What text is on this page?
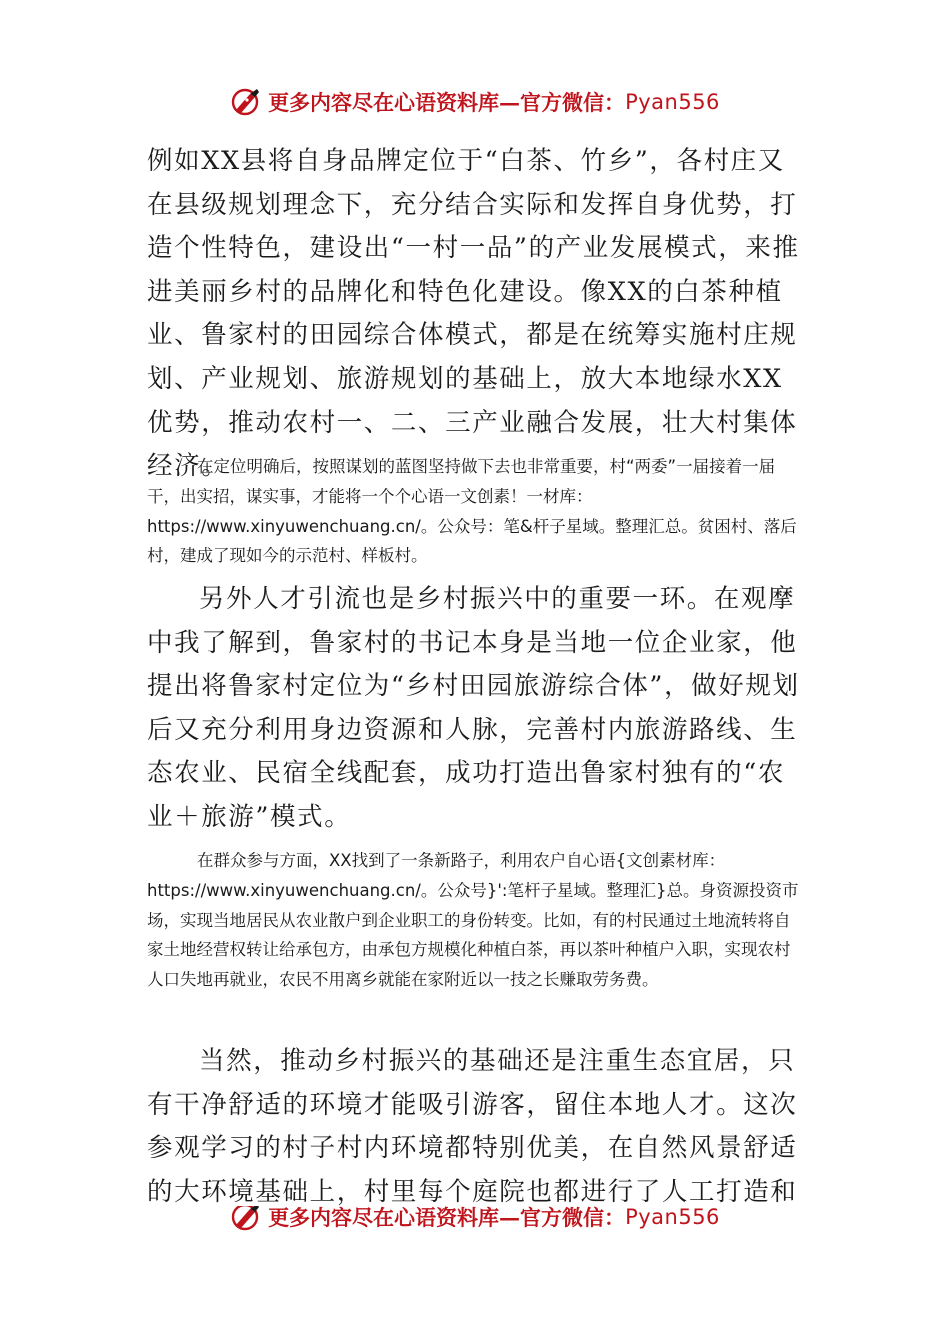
更多内容尽在心语资料库—官方微信： Pyan556

例如XX县将自身品牌定位于“白茶、竹乡”，各村庄又在县级规划理念下，充分结合实际和发挥自身优势，打造个性特色，建设出“一村一品”的产业发展模式，来推进美丽乡村的品牌化和特色化建设。像XX的白茶种植业、鲁家村的田园综合体模式，都是在统筹实施村庄规划、产业规划、旅游规划的基础上，放大本地绿水XX优势，推动农村一、二、三产业融合发展，壮大村集体经济。

在定位明确后，按照谋划的蓝图坚持做下去也非常重要，村“两委”一届接着一届干，出实招，谋实事，才能将一个个心语一文创素！一材库：https://www.xinyuwenchuang.cn/。公众号：笔&杆子星域。整理汇总。贫困村、落后村，建成了现如今的示范村、样板村。

另外人才引流也是乡村振兴中的重要一环。在观摩中我了解到，鲁家村的书记本身是当地一位企业家，他提出将鲁家村定位为“乡村田园旅游综合体”，做好规划后又充分利用身边资源和人脉，完善村内旅游路线、生态农业、民宿全线配套，成功打造出鲁家村独有的“农业＋旅游”模式。

在群众参与方面，XX找到了一条新路子，利用农户自心语{文创素材库：https://www.xinyuwenchuang.cn/。公众号}':笔杆子星域。整理汇}总。身资源投资市场，实现当地居民从农业散户到企业职工的身份转变。比如，有的村民通过土地流转将自家土地经营权转让给承包方，由承包方规模化种植白茶，再以茶叶种植户入职，实现农村人口失地再就业，农民不用离乡就能在家附近以一技之长赚取劳务费。

当然，推动乡村振兴的基础还是注重生态宜居，只有干净舒适的环境才能吸引游客，留住本地人才。这次参观学习的村子村内环境都特别优美，在自然风景舒适的大环境基础上，村里每个庭院也都进行了人工打造和

更多内容尽在心语资料库—官方微信： Pyan556
